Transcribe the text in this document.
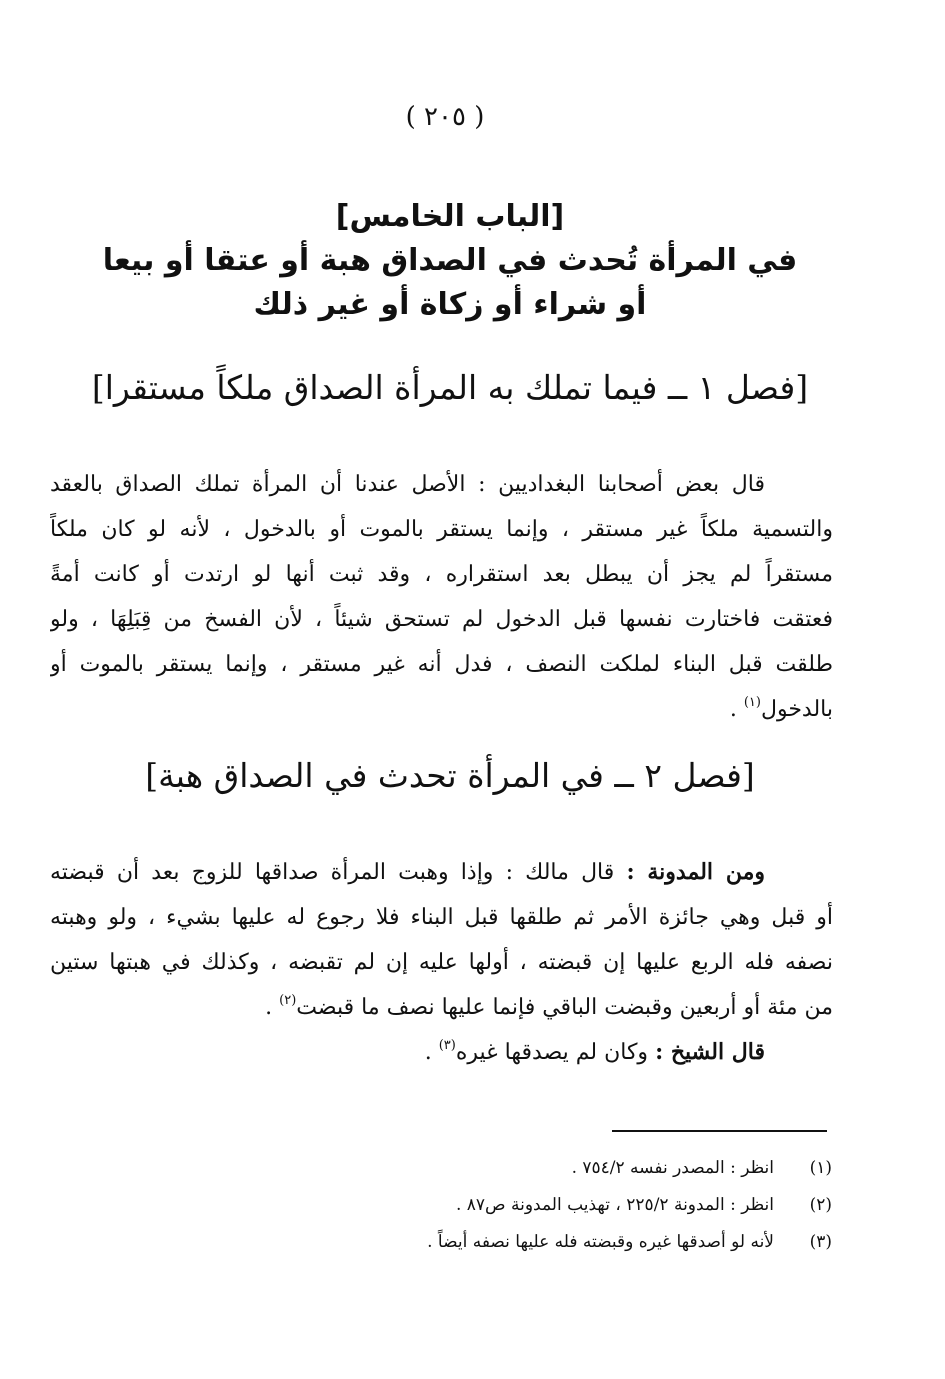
( ٢٠٥ )
[الباب الخامس]
في المرأة تُحدث في الصداق هبة أو عتقا أو بيعا
أو شراء أو زكاة أو غير ذلك
[فصل ١ ــ فيما تملك به المرأة الصداق ملكاً مستقرا]
قال بعض أصحابنا البغداديين : الأصل عندنا أن المرأة تملك الصداق بالعقد
والتسمية ملكاً غير مستقر ، وإنما يستقر بالموت أو بالدخول ، لأنه لو كان ملكاً
مستقراً لم يجز أن يبطل بعد استقراره ، وقد ثبت أنها لو ارتدت أو كانت أمةً
فعتقت فاختارت نفسها قبل الدخول لم تستحق شيئاً ، لأن الفسخ من قِبَلِهَا ، ولو
طلقت قبل البناء لملكت النصف ، فدل أنه غير مستقر ، وإنما يستقر بالموت أو
بالدخول$^{(١)}$ .
[فصل ٢ ــ في المرأة تحدث في الصداق هبة]
ومن المدونة : قال مالك : وإذا وهبت المرأة صداقها للزوج بعد أن قبضته
أو قبل وهي جائزة الأمر ثم طلقها قبل البناء فلا رجوع له عليها بشيء ، ولو وهبته
نصفه فله الربع عليها إن قبضته ، أولها عليه إن لم تقبضه ، وكذلك في هبتها ستين
من مئة أو أربعين وقبضت الباقي فإنما عليها نصف ما قبضت$^{(٢)}$ .
قال الشيخ : وكان لم يصدقها غيره$^{(٣)}$ .
(١)
انظر : المصدر نفسه ٧٥٤/٢ .
(٢)
انظر : المدونة ٢٢٥/٢ ، تهذيب المدونة ص٨٧ .
(٣)
لأنه لو أصدقها غيره وقبضته فله عليها نصفه أيضاً .
